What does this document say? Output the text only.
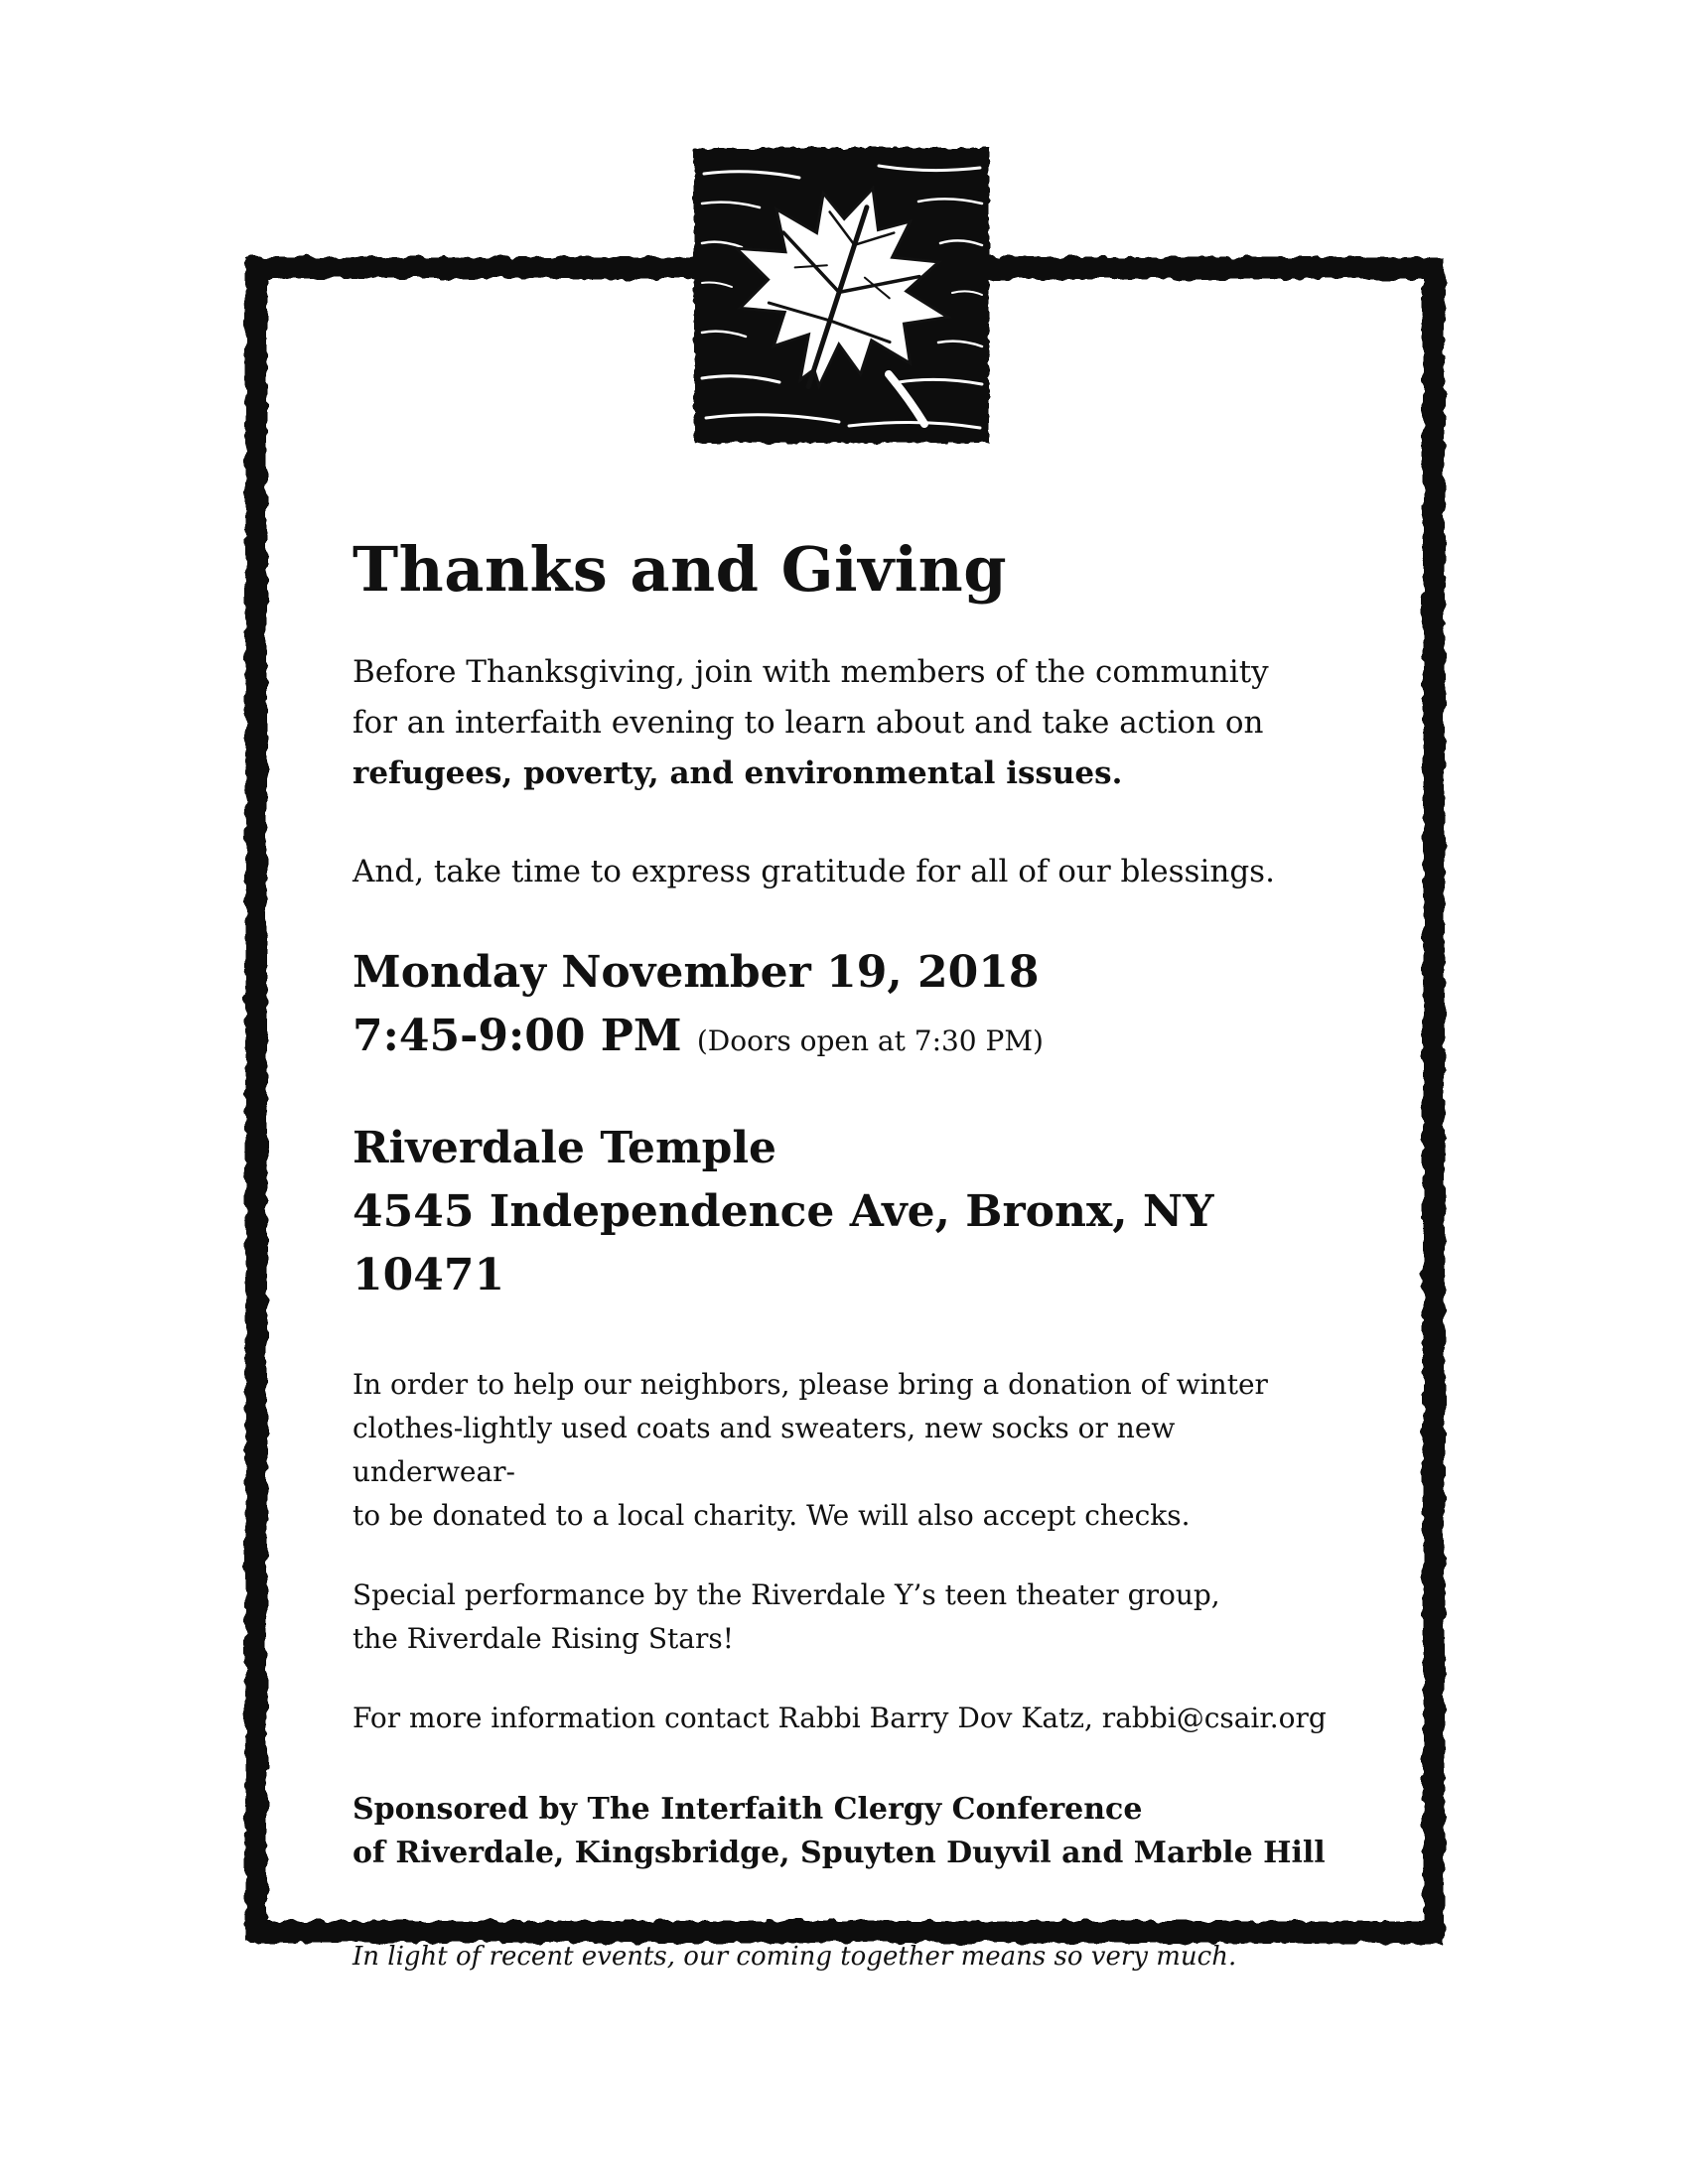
Thanks and Giving

Before Thanksgiving, join with members of the community

for an interfaith evening to learn about and take action on

refugees, poverty, and environmental issues.

And, take time to express gratitude for all of our blessings.

Monday November 19, 2018

7:45-9:00 PM (Doors open at 7:30 PM)

Riverdale Temple

4545 Independence Ave, Bronx, NY 10471

In order to help our neighbors, please bring a donation of winter

clothes-lightly used coats and sweaters, new socks or new underwear-

to be donated to a local charity. We will also accept checks.

Special performance by the Riverdale Y’s teen theater group,

the Riverdale Rising Stars!

For more information contact Rabbi Barry Dov Katz, rabbi@csair.org

Sponsored by The Interfaith Clergy Conference

of Riverdale, Kingsbridge, Spuyten Duyvil and Marble Hill

In light of recent events, our coming together means so very much.
